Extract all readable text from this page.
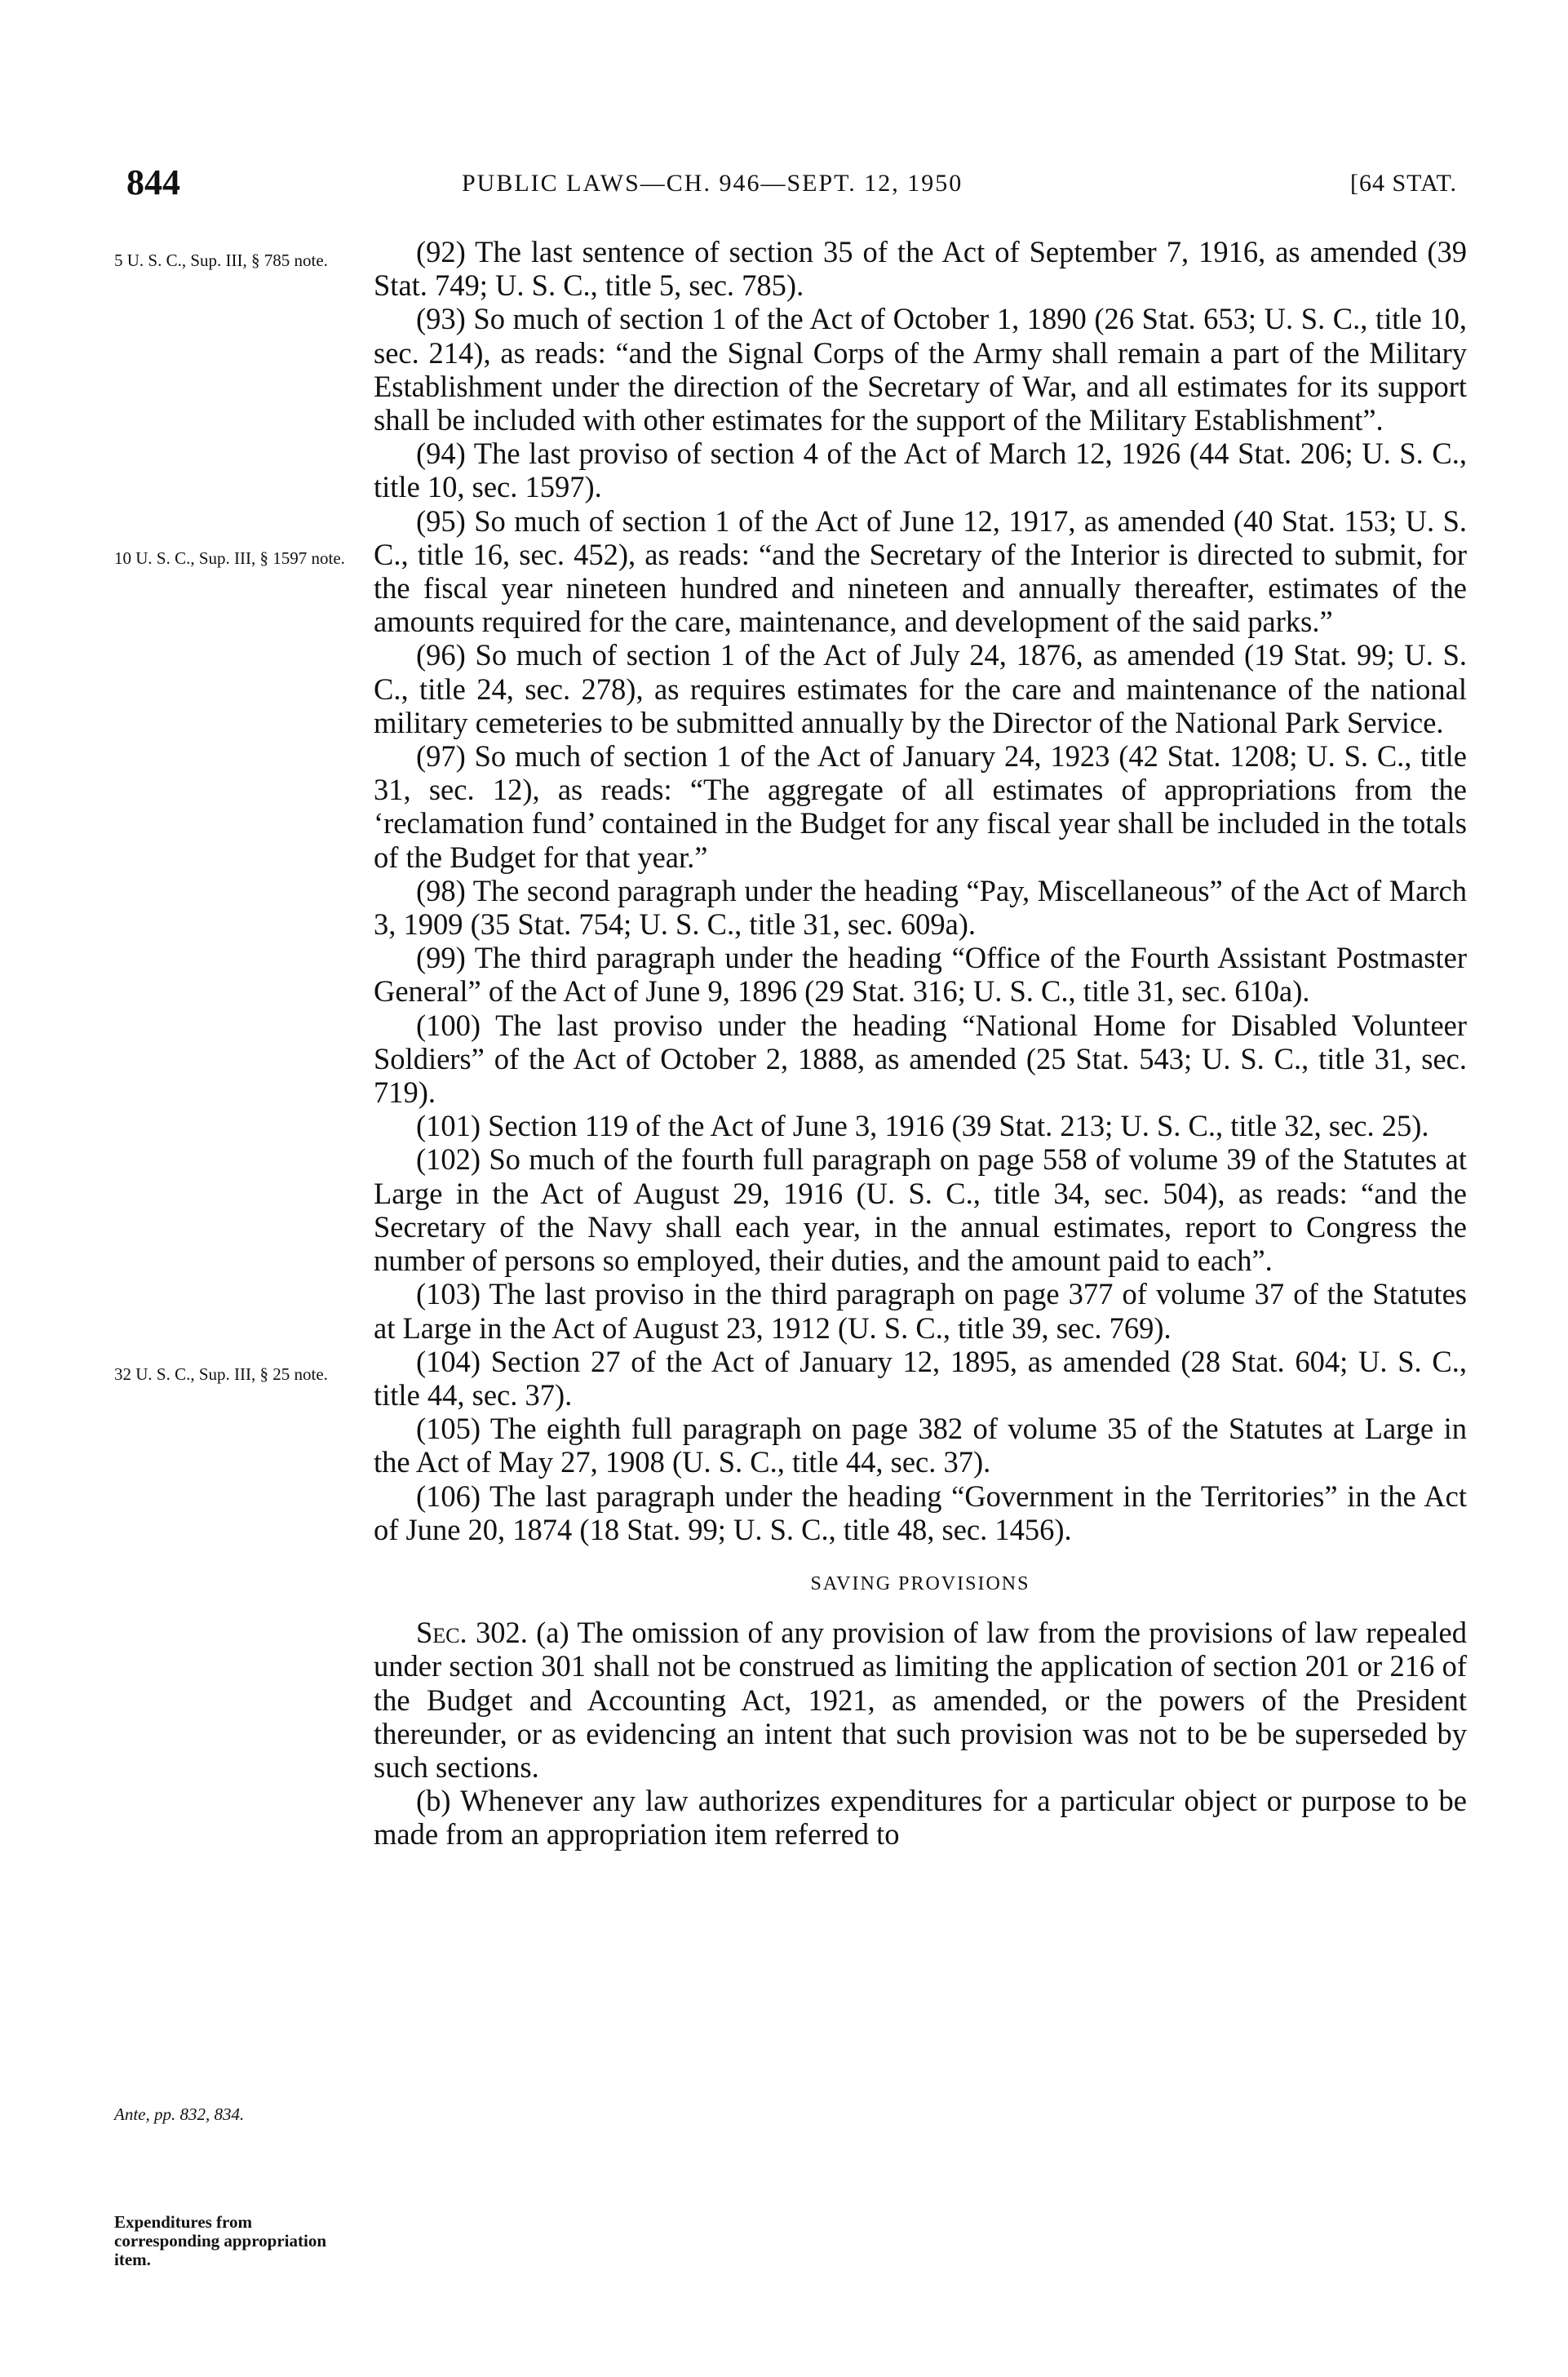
844	PUBLIC LAWS—CH. 946—SEPT. 12, 1950	[64 STAT.
5 U. S. C., Sup. III, § 785 note.
10 U. S. C., Sup. III, § 1597 note.
32 U. S. C., Sup. III, § 25 note.
Ante, pp. 832, 834.
Expenditures from corresponding appropriation item.

(92) The last sentence of section 35 of the Act of September 7, 1916, as amended (39 Stat. 749; U. S. C., title 5, sec. 785).

(93) So much of section 1 of the Act of October 1, 1890 (26 Stat. 653; U. S. C., title 10, sec. 214), as reads: “and the Signal Corps of the Army shall remain a part of the Military Establishment under the direction of the Secretary of War, and all estimates for its support shall be included with other estimates for the support of the Military Establishment”.

(94) The last proviso of section 4 of the Act of March 12, 1926 (44 Stat. 206; U. S. C., title 10, sec. 1597).

(95) So much of section 1 of the Act of June 12, 1917, as amended (40 Stat. 153; U. S. C., title 16, sec. 452), as reads: “and the Secretary of the Interior is directed to submit, for the fiscal year nineteen hundred and nineteen and annually thereafter, estimates of the amounts required for the care, maintenance, and development of the said parks.”

(96) So much of section 1 of the Act of July 24, 1876, as amended (19 Stat. 99; U. S. C., title 24, sec. 278), as requires estimates for the care and maintenance of the national military cemeteries to be submitted annually by the Director of the National Park Service.

(97) So much of section 1 of the Act of January 24, 1923 (42 Stat. 1208; U. S. C., title 31, sec. 12), as reads: “The aggregate of all estimates of appropriations from the ‘reclamation fund’ contained in the Budget for any fiscal year shall be included in the totals of the Budget for that year.”

(98) The second paragraph under the heading “Pay, Miscellaneous” of the Act of March 3, 1909 (35 Stat. 754; U. S. C., title 31, sec. 609a).

(99) The third paragraph under the heading “Office of the Fourth Assistant Postmaster General” of the Act of June 9, 1896 (29 Stat. 316; U. S. C., title 31, sec. 610a).

(100) The last proviso under the heading “National Home for Disabled Volunteer Soldiers” of the Act of October 2, 1888, as amended (25 Stat. 543; U. S. C., title 31, sec. 719).

(101) Section 119 of the Act of June 3, 1916 (39 Stat. 213; U. S. C., title 32, sec. 25).

(102) So much of the fourth full paragraph on page 558 of volume 39 of the Statutes at Large in the Act of August 29, 1916 (U. S. C., title 34, sec. 504), as reads: “and the Secretary of the Navy shall each year, in the annual estimates, report to Congress the number of persons so employed, their duties, and the amount paid to each”.

(103) The last proviso in the third paragraph on page 377 of volume 37 of the Statutes at Large in the Act of August 23, 1912 (U. S. C., title 39, sec. 769).

(104) Section 27 of the Act of January 12, 1895, as amended (28 Stat. 604; U. S. C., title 44, sec. 37).

(105) The eighth full paragraph on page 382 of volume 35 of the Statutes at Large in the Act of May 27, 1908 (U. S. C., title 44, sec. 37).

(106) The last paragraph under the heading “Government in the Territories” in the Act of June 20, 1874 (18 Stat. 99; U. S. C., title 48, sec. 1456).

SAVING PROVISIONS

Sec. 302. (a) The omission of any provision of law from the provisions of law repealed under section 301 shall not be construed as limiting the application of section 201 or 216 of the Budget and Accounting Act, 1921, as amended, or the powers of the President thereunder, or as evidencing an intent that such provision was not to be be superseded by such sections.

(b) Whenever any law authorizes expenditures for a particular object or purpose to be made from an appropriation item referred to
